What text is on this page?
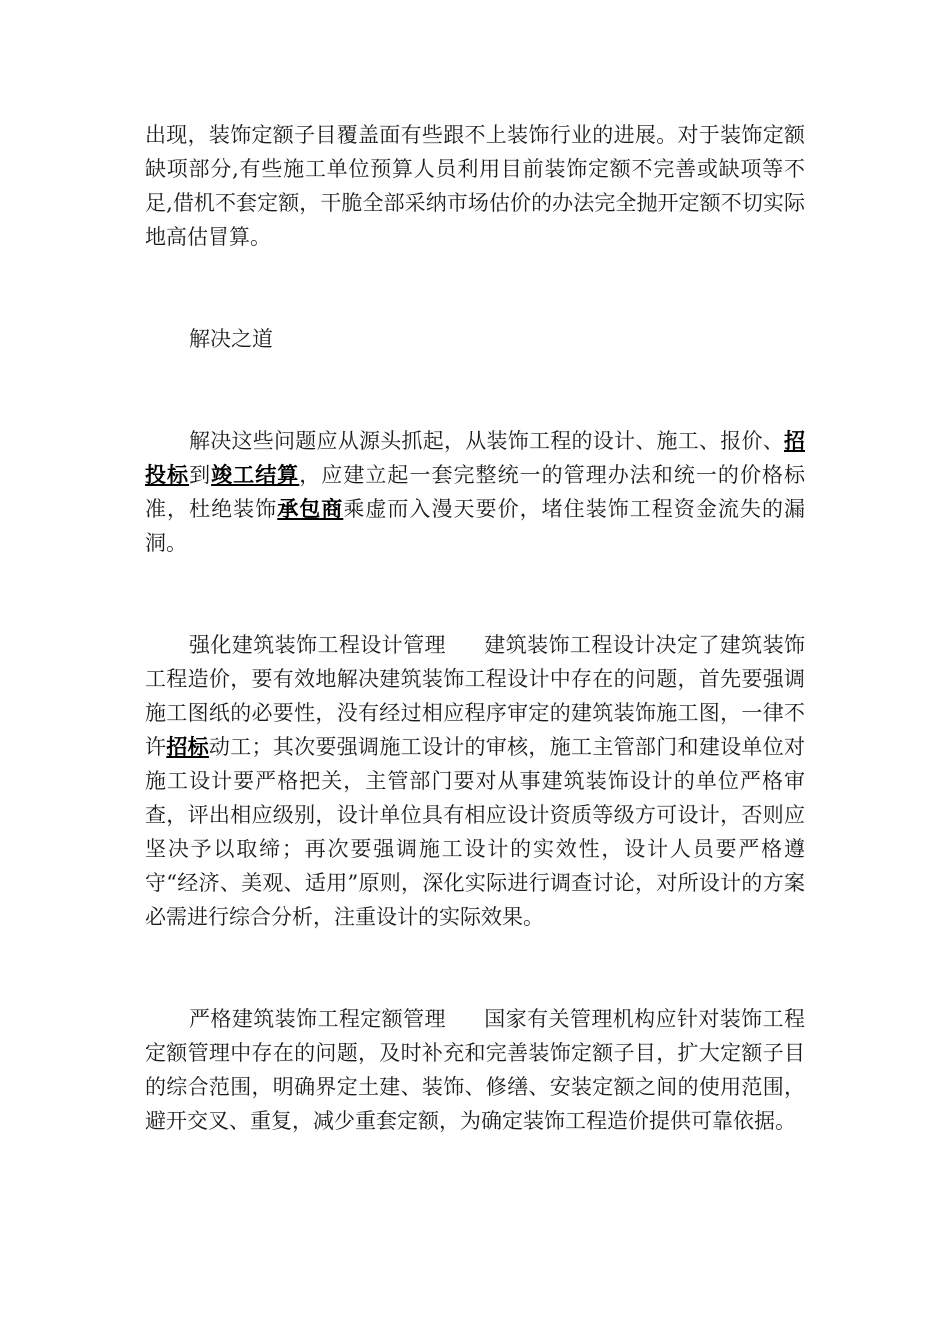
出现，装饰定额子目覆盖面有些跟不上装饰行业的进展。对于装饰定额缺项部分,有些施工单位预算人员利用目前装饰定额不完善或缺项等不足,借机不套定额，干脆全部采纳市场估价的办法完全抛开定额不切实际地高估冒算。

解决之道

解决这些问题应从源头抓起，从装饰工程的设计、施工、报价、招投标到竣工结算，应建立起一套完整统一的管理办法和统一的价格标准，杜绝装饰承包商乘虚而入漫天要价，堵住装饰工程资金流失的漏洞。

强化建筑装饰工程设计管理 建筑装饰工程设计决定了建筑装饰工程造价，要有效地解决建筑装饰工程设计中存在的问题，首先要强调施工图纸的必要性，没有经过相应程序审定的建筑装饰施工图，一律不许招标动工；其次要强调施工设计的审核，施工主管部门和建设单位对施工设计要严格把关，主管部门要对从事建筑装饰设计的单位严格审查，评出相应级别，设计单位具有相应设计资质等级方可设计，否则应坚决予以取缔；再次要强调施工设计的实效性，设计人员要严格遵守“经济、美观、适用”原则，深化实际进行调查讨论，对所设计的方案必需进行综合分析，注重设计的实际效果。

严格建筑装饰工程定额管理 国家有关管理机构应针对装饰工程定额管理中存在的问题，及时补充和完善装饰定额子目，扩大定额子目的综合范围，明确界定土建、装饰、修缮、安装定额之间的使用范围，避开交叉、重复，减少重套定额，为确定装饰工程造价提供可靠依据。
